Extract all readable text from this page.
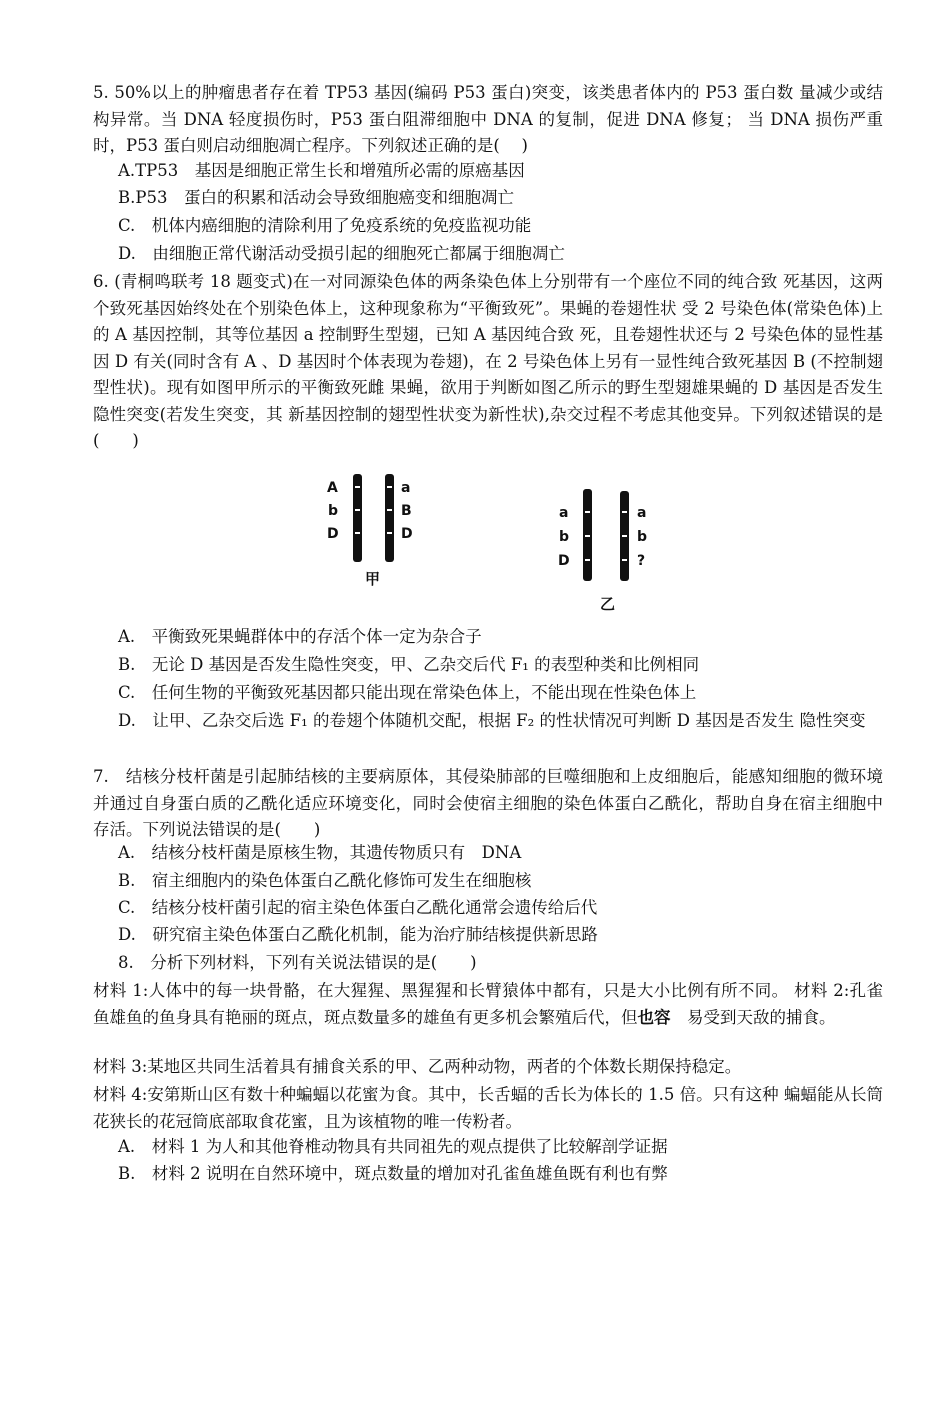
5. 50%以上的肿瘤患者存在着 TP53 基因(编码 P53 蛋白)突变，该类患者体内的 P53 蛋白数 量减少或结构异常。当 DNA 轻度损伤时，P53 蛋白阻滞细胞中 DNA 的复制，促进 DNA 修复； 当 DNA 损伤严重时，P53 蛋白则启动细胞凋亡程序。下列叙述正确的是(　 )

A.TP53　基因是细胞正常生长和增殖所必需的原癌基因

B.P53　蛋白的积累和活动会导致细胞癌变和细胞凋亡

C.　机体内癌细胞的清除利用了免疫系统的免疫监视功能

D.　由细胞正常代谢活动受损引起的细胞死亡都属于细胞凋亡

6. (青桐鸣联考 18 题变式)在一对同源染色体的两条染色体上分别带有一个座位不同的纯合致 死基因，这两个致死基因始终处在个别染色体上，这种现象称为“平衡致死”。果蝇的卷翅性状 受 2 号染色体(常染色体)上的 A 基因控制，其等位基因 a 控制野生型翅，已知 A 基因纯合致 死，且卷翅性状还与 2 号染色体的显性基因 D 有关(同时含有 A 、D 基因时个体表现为卷翅)，在 2 号染色体上另有一显性纯合致死基因 B (不控制翅型性状)。现有如图甲所示的平衡致死雌 果蝇，欲用于判断如图乙所示的野生型翅雄果蝇的 D 基因是否发生隐性突变(若发生突变，其 新基因控制的翅型性状变为新性状),杂交过程不考虑其他变异。下列叙述错误的是(　　)

A
b
D
a
B
D
甲
a
b
D
a
b
?
乙

A.　平衡致死果蝇群体中的存活个体一定为杂合子

B.　无论 D 基因是否发生隐性突变，甲、乙杂交后代 F₁ 的表型种类和比例相同

C.　任何生物的平衡致死基因都只能出现在常染色体上，不能出现在性染色体上

D.　让甲、乙杂交后选 F₁ 的卷翅个体随机交配，根据 F₂ 的性状情况可判断 D 基因是否发生 隐性突变

7.　结核分枝杆菌是引起肺结核的主要病原体，其侵染肺部的巨噬细胞和上皮细胞后，能感知细胞的微环境并通过自身蛋白质的乙酰化适应环境变化，同时会使宿主细胞的染色体蛋白乙酰化，帮助自身在宿主细胞中存活。下列说法错误的是(　　)

A.　结核分枝杆菌是原核生物，其遗传物质只有　DNA

B.　宿主细胞内的染色体蛋白乙酰化修饰可发生在细胞核

C.　结核分枝杆菌引起的宿主染色体蛋白乙酰化通常会遗传给后代

D.　研究宿主染色体蛋白乙酰化机制，能为治疗肺结核提供新思路

8.　分析下列材料，下列有关说法错误的是(　　)

材料 1:人体中的每一块骨骼，在大猩猩、黑猩猩和长臂猿体中都有，只是大小比例有所不同。 材料 2:孔雀鱼雄鱼的鱼身具有艳丽的斑点，斑点数量多的雄鱼有更多机会繁殖后代，但也容　易受到天敌的捕食。

材料 3:某地区共同生活着具有捕食关系的甲、乙两种动物，两者的个体数长期保持稳定。

材料 4:安第斯山区有数十种蝙蝠以花蜜为食。其中，长舌蝠的舌长为体长的 1.5 倍。只有这种 蝙蝠能从长筒花狭长的花冠筒底部取食花蜜，且为该植物的唯一传粉者。

A.　材料 1 为人和其他脊椎动物具有共同祖先的观点提供了比较解剖学证据

B.　材料 2 说明在自然环境中，斑点数量的增加对孔雀鱼雄鱼既有利也有弊
